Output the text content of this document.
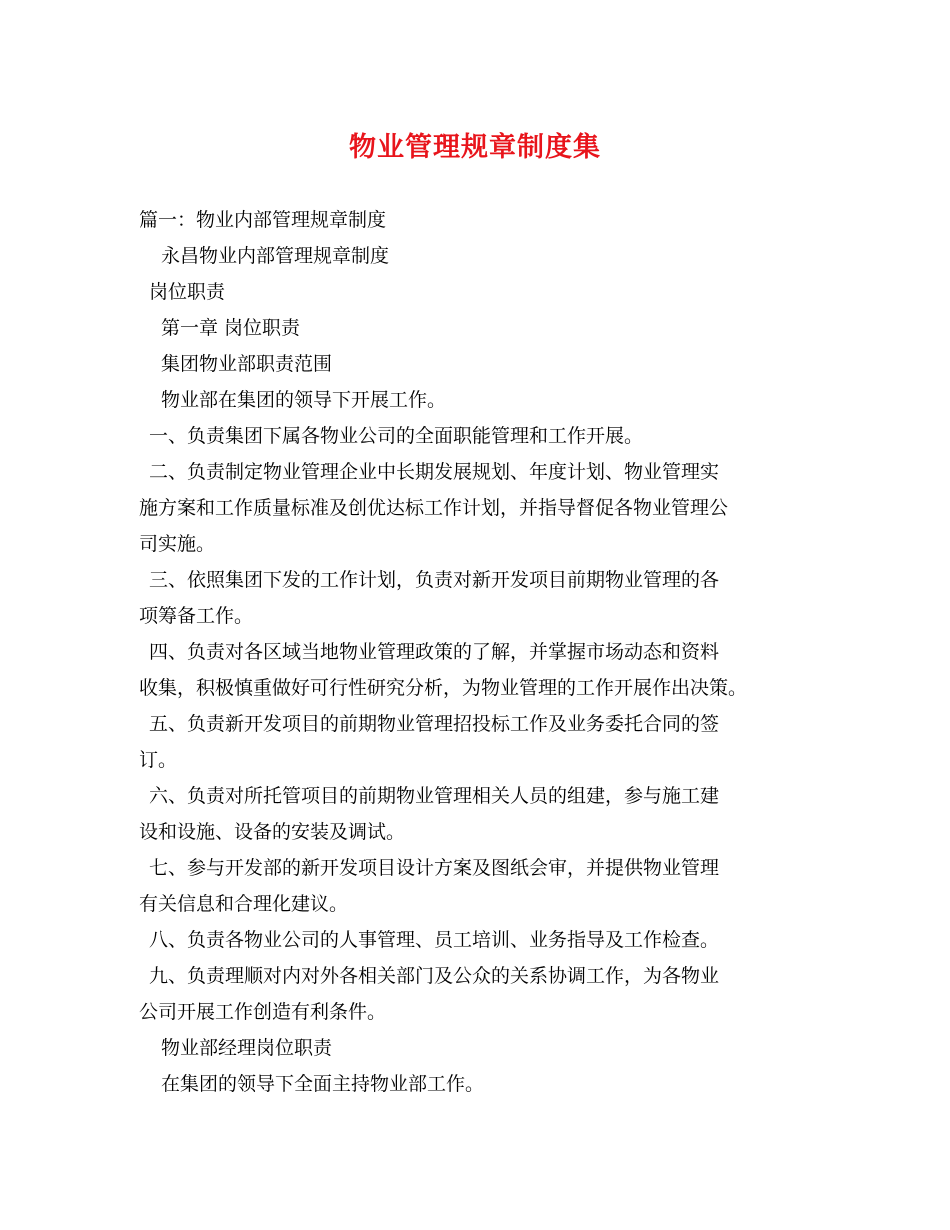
物业管理规章制度集
篇一：物业内部管理规章制度
永昌物业内部管理规章制度
岗位职责
第一章 岗位职责
集团物业部职责范围
物业部在集团的领导下开展工作。
一、负责集团下属各物业公司的全面职能管理和工作开展。
二、负责制定物业管理企业中长期发展规划、年度计划、物业管理实
施方案和工作质量标准及创优达标工作计划，并指导督促各物业管理公
司实施。
三、依照集团下发的工作计划，负责对新开发项目前期物业管理的各
项筹备工作。
四、负责对各区域当地物业管理政策的了解，并掌握市场动态和资料
收集，积极慎重做好可行性研究分析，为物业管理的工作开展作出决策。
五、负责新开发项目的前期物业管理招投标工作及业务委托合同的签
订。
六、负责对所托管项目的前期物业管理相关人员的组建，参与施工建
设和设施、设备的安装及调试。
七、参与开发部的新开发项目设计方案及图纸会审，并提供物业管理
有关信息和合理化建议。
八、负责各物业公司的人事管理、员工培训、业务指导及工作检查。
九、负责理顺对内对外各相关部门及公众的关系协调工作，为各物业
公司开展工作创造有利条件。
物业部经理岗位职责
在集团的领导下全面主持物业部工作。
